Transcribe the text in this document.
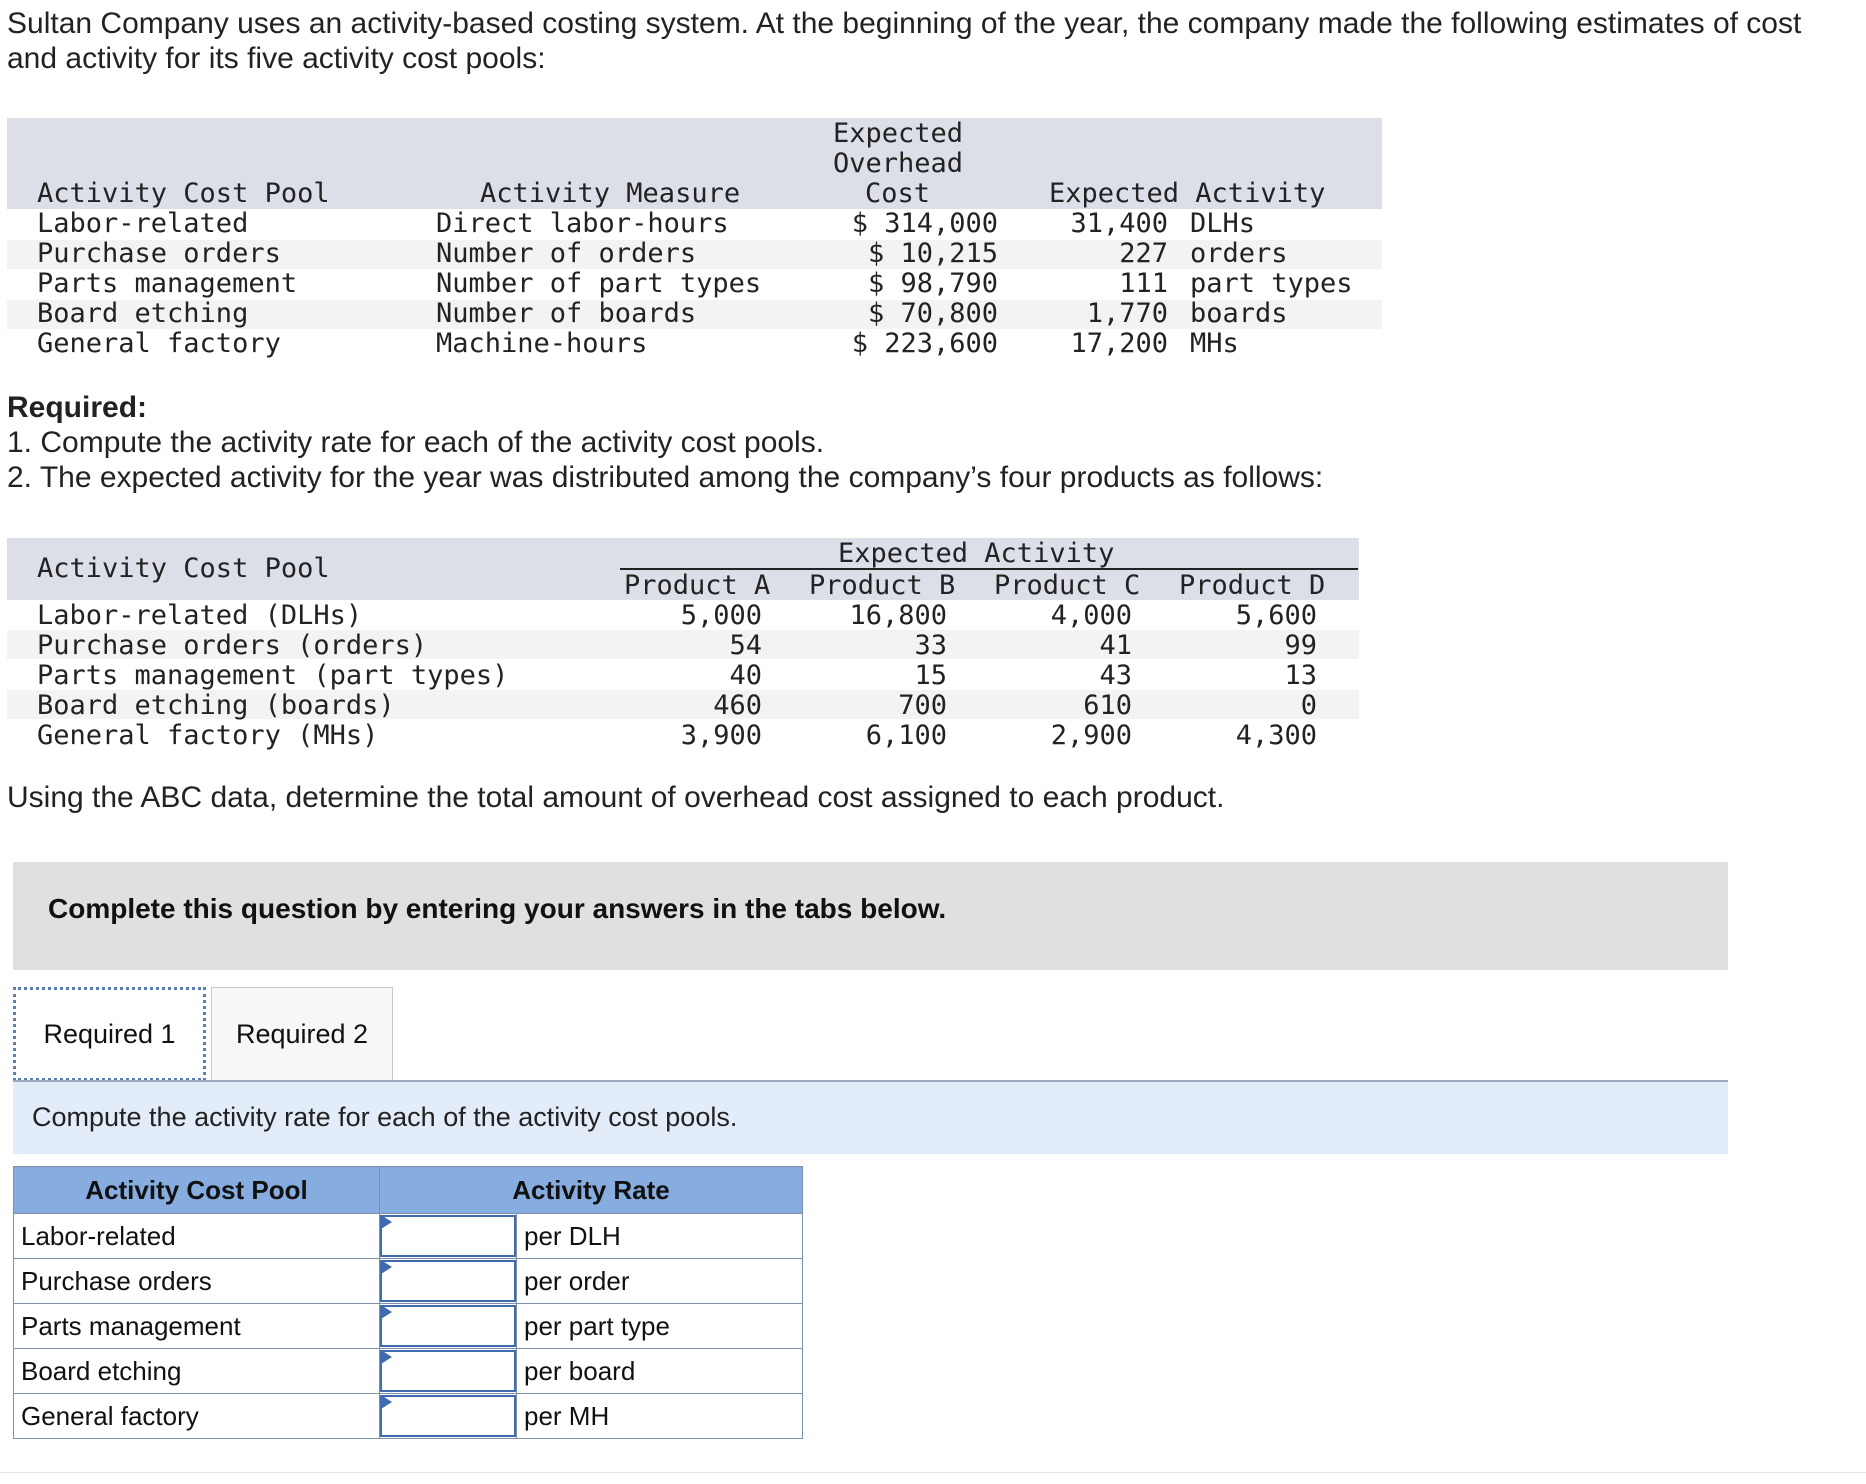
Sultan Company uses an activity-based costing system. At the beginning of the year, the company made the following estimates of cost and activity for its five activity cost pools:

Activity Cost Pool	Activity Measure
Expected
Overhead
Cost	Expected Activity
Labor-related	Direct labor-hours	$ 314,000	31,400 DLHs
Purchase orders	Number of orders	$ 10,215	227 orders
Parts management	Number of part types	$ 98,790	111 part types
Board etching	Number of boards	$ 70,800	1,770 boards
General factory	Machine-hours	$ 223,600	17,200 MHs
Required:
1. Compute the activity rate for each of the activity cost pools.
2. The expected activity for the year was distributed among the company’s four products as follows:
Activity Cost Pool	Expected Activity
Product A Product B Product C Product D
Labor-related (DLHs)	5,000	16,800	4,000	5,600
Purchase orders (orders)	54	33	41	99
Parts management (part types)	40	15	43	13
Board etching (boards)	460	700	610	0
General factory (MHs)	3,900	6,100	2,900	4,300
Using the ABC data, determine the total amount of overhead cost assigned to each product.
Complete this question by entering your answers in the tabs below.
Required 1 Required 2
Compute the activity rate for each of the activity cost pools.
Activity Cost Pool	Activity Rate	
Labor-related		per DLH
Purchase orders		per order
Parts management		per part type
Board etching		per board
General factory		per MH
